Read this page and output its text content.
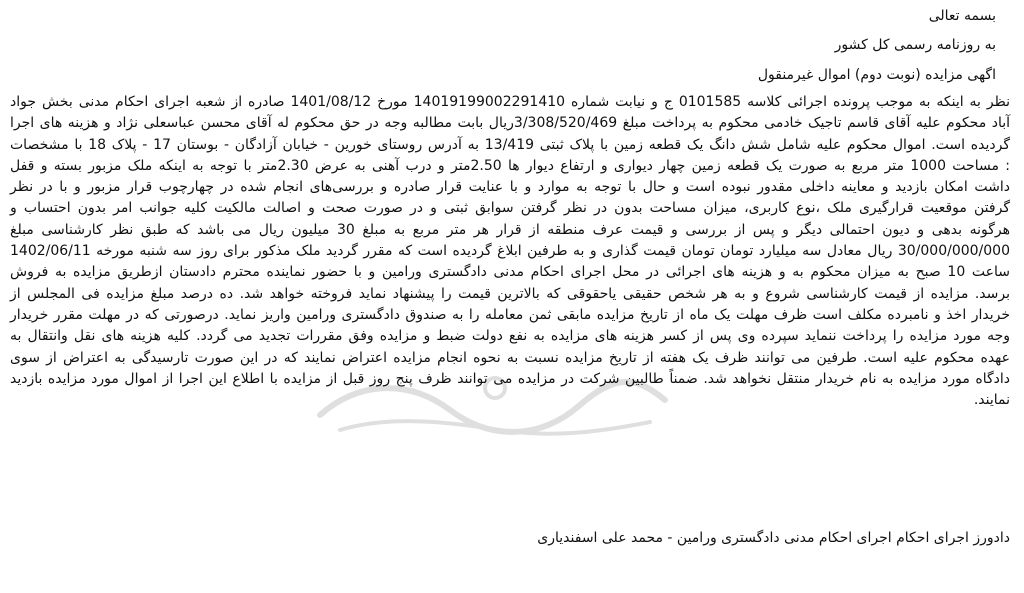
بسمه تعالی
به روزنامه رسمی کل کشور
اگهی مزایده (نوبت دوم) اموال غیرمنقول
نظر به اینکه به موجب پرونده اجرائی کلاسه 0101585 ج و نیابت شماره 14019199002291410 مورخ 1401/08/12 صادره از شعبه اجرای احکام مدنی بخش جواد آباد محکوم علیه آقای قاسم تاجیک خادمی محکوم به پرداخت مبلغ 3/308/520/469ریال بابت مطالبه وجه در حق محکوم له آقای محسن عباسعلی نژاد و هزینه های اجرا گردیده است. اموال محکوم علیه شامل شش دانگ یک قطعه زمین با پلاک ثبتی 13/419 به آدرس روستای خورین - خیابان آزادگان - بوستان 17 - پلاک 18 با مشخصات : مساحت 1000 متر مربع به صورت یک قطعه زمین چهار دیواری و ارتفاع دیوار ها 2.50متر و درب آهنی به عرض 2.30متر با توجه به اینکه ملک مزبور بسته و قفل داشت امکان بازدید و معاینه داخلی مقدور نبوده است و حال با توجه به موارد و با عنایت قرار صادره و بررسی‌های انجام شده در چهارچوب قرار مزبور و با در نظر گرفتن موقعیت قرارگیری ملک ،نوع کاربری، میزان مساحت بدون در نظر گرفتن سوابق ثبتی و در صورت صحت و اصالت مالکیت کلیه جوانب امر بدون احتساب و هرگونه بدهی و دیون احتمالی دیگر و پس از بررسی و قیمت عرف منطقه از قرار هر متر مربع به مبلغ 30 میلیون ریال می باشد که طبق نظر کارشناسی مبلغ 30/000/000/000 ریال معادل سه میلیارد تومان تومان قیمت گذاری و به طرفین ابلاغ گردیده است که مقرر گردید ملک مذکور برای روز سه شنبه مورخه 1402/06/11 ساعت 10 صبح به میزان محکوم به و هزینه های اجرائی در محل اجرای احکام مدنی دادگستری ورامین و با حضور نماینده محترم دادستان ازطریق مزایده به فروش برسد. مزایده از قیمت کارشناسی شروع و به هر شخص حقیقی یاحقوقی که بالاترین قیمت را پیشنهاد نماید فروخته خواهد شد. ده درصد مبلغ مزایده فی المجلس از خریدار اخذ و نامبرده مکلف است ظرف مهلت یک ماه از تاریخ مزایده مابقی ثمن معامله را به صندوق دادگستری ورامین واریز نماید. درصورتی که در مهلت مقرر خریدار وجه مورد مزایده را پرداخت ننماید سپرده وی پس از کسر هزینه های مزایده به نفع دولت ضبط و مزایده وفق مقررات تجدید می گردد. کلیه هزینه های نقل وانتقال به عهده محکوم علیه است. طرفین می توانند ظرف یک هفته از تاریخ مزایده نسبت به نحوه انجام مزایده اعتراض نمایند که در این صورت تارسیدگی به اعتراض از سوی دادگاه مورد مزایده به نام خریدار منتقل نخواهد شد. ضمناً طالبین شرکت در مزایده می توانند ظرف پنج روز قبل از مزایده با اطلاع این اجرا از اموال مورد مزایده بازدید نمایند.
دادورز اجرای احکام اجرای احکام مدنی دادگستری ورامین - محمد علی اسفندیاری
